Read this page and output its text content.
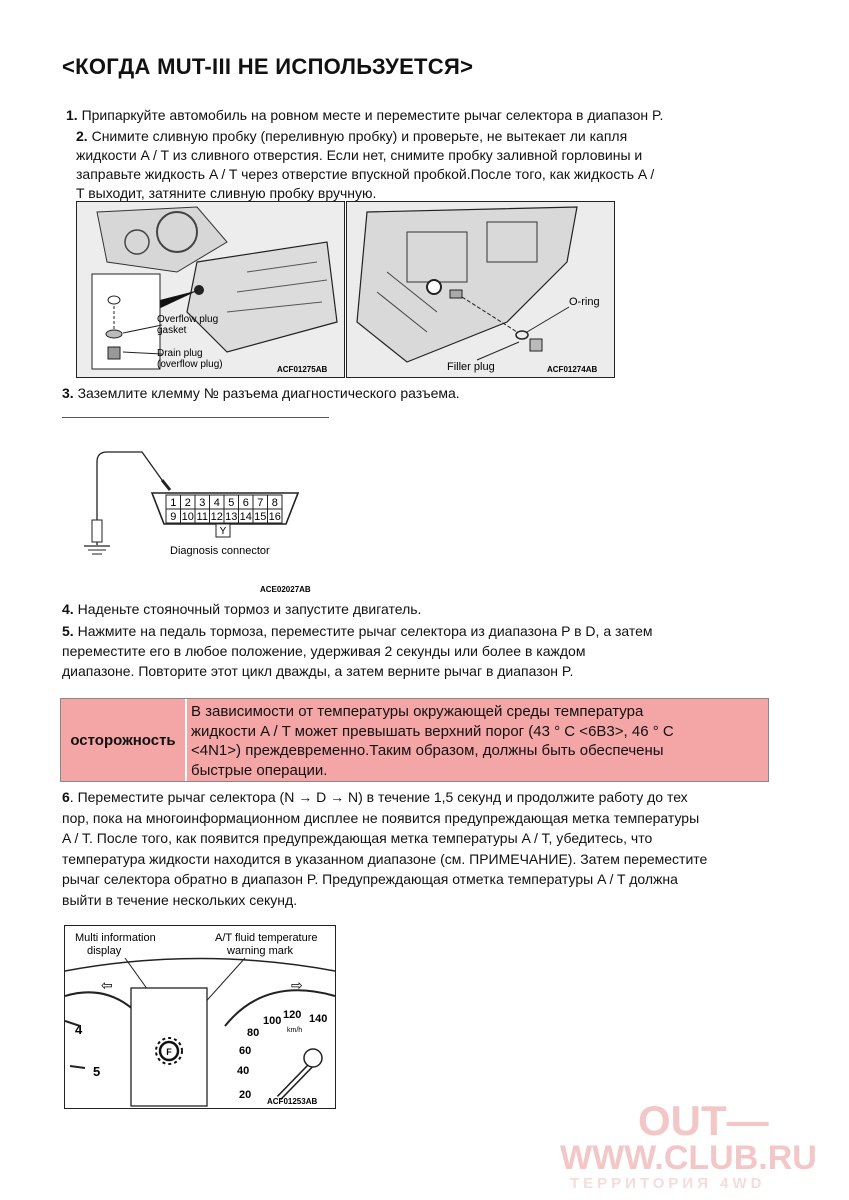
<КОГДА MUT-III НЕ ИСПОЛЬЗУЕТСЯ>
1. Припаркуйте автомобиль на ровном месте и переместите рычаг селектора в диапазон P.
2. Снимите сливную пробку (переливную пробку) и проверьте, не вытекает ли капля
жидкости A / T из сливного отверстия. Если нет, снимите пробку заливной горловины и
заправьте жидкость A / T через отверстие впускной пробкой.После того, как жидкость A /
T выходит, затяните сливную пробку вручную.
Overflow plug
gasket
Drain plug
(overflow plug)	ACF01275AB
O-ring
Filler plug	ACF01274AB
3. Заземлите клемму № разъема диагностического разъема.
1 2 3 4 5 6 7 8
9 10 11 12 13 14 15 16
Y
Diagnosis connector
ACE02027AB
4. Наденьте стояночный тормоз и запустите двигатель.
5. Нажмите на педаль тормоза, переместите рычаг селектора из диапазона P в D, а затем
переместите его в любое положение, удерживая 2 секунды или более в каждом
диапазоне. Повторите этот цикл дважды, а затем верните рычаг в диапазон P.
осторожность
В зависимости от температуры окружающей среды температура
жидкости A / T может превышать верхний порог (43 ° C <6B3>, 46 ° C
<4N1>) преждевременно.Таким образом, должны быть обеспечены
быстрые операции.
6. Переместите рычаг селектора (N → D → N) в течение 1,5 секунд и продолжите работу до тех
пор, пока на многоинформационном дисплее не появится предупреждающая метка температуры
A / T. После того, как появится предупреждающая метка температуры A / T, убедитесь, что
температура жидкости находится в указанном диапазоне (см. ПРИМЕЧАНИЕ). Затем переместите
рычаг селектора обратно в диапазон P. Предупреждающая отметка температуры A / T должна
выйти в течение нескольких секунд.
Multi information
display
A/T fluid temperature
warning mark
⇦	⇨
F
4
5
140
120
100
80
60
40
20
km/h
ACF01253AB	OUT—
WWW.CLUB.RU
ТЕРРИТОРИЯ 4WD
